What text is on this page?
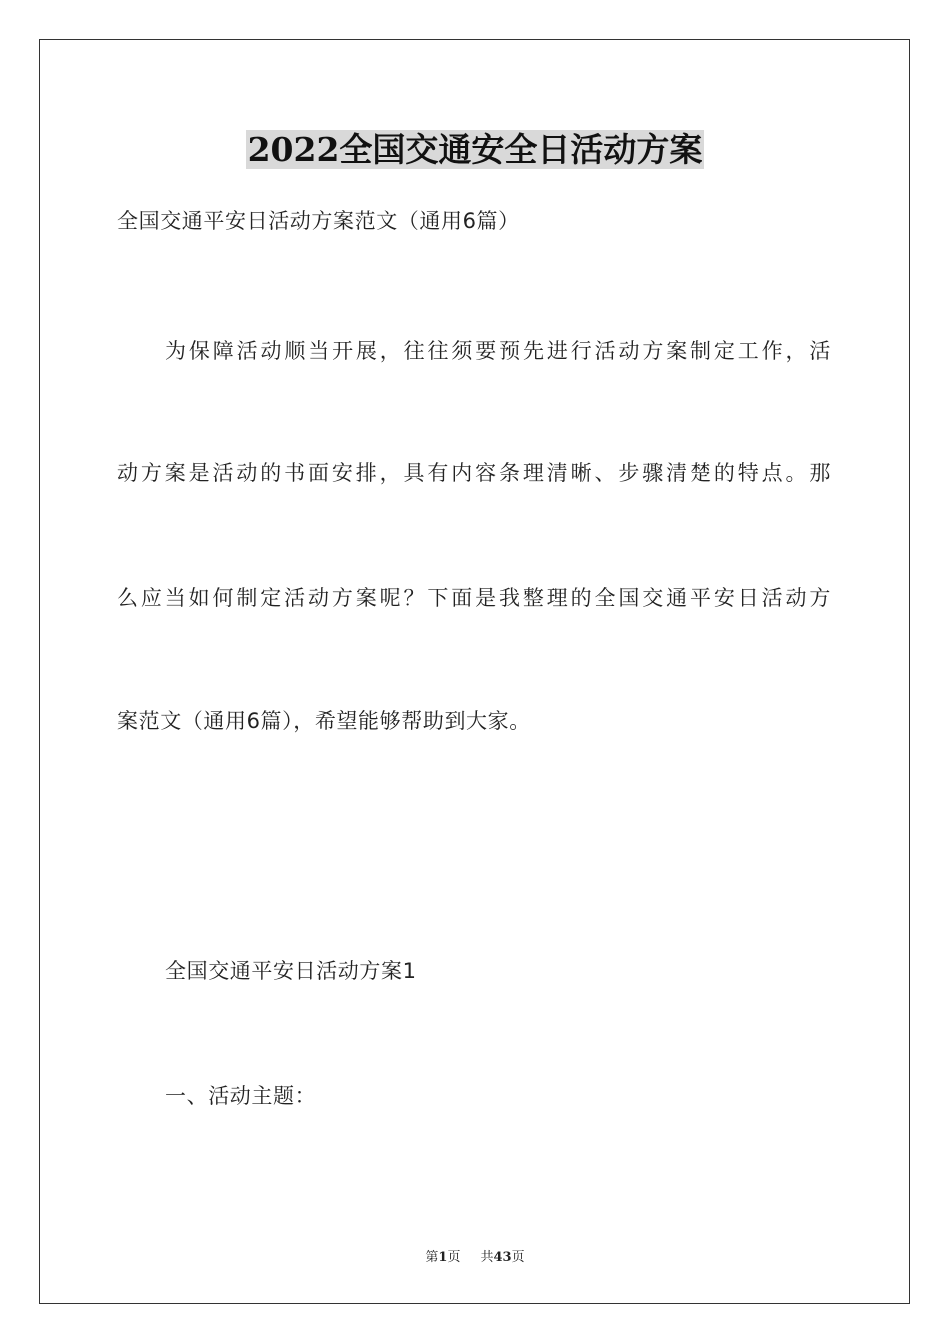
2022全国交通安全日活动方案
全国交通平安日活动方案范文（通用6篇）
为保障活动顺当开展，往往须要预先进行活动方案制定工作，活
动方案是活动的书面安排，具有内容条理清晰、步骤清楚的特点。那
么应当如何制定活动方案呢？下面是我整理的全国交通平安日活动方
案范文（通用6篇），希望能够帮助到大家。
全国交通平安日活动方案1
一、活动主题：
第1页 共43页
